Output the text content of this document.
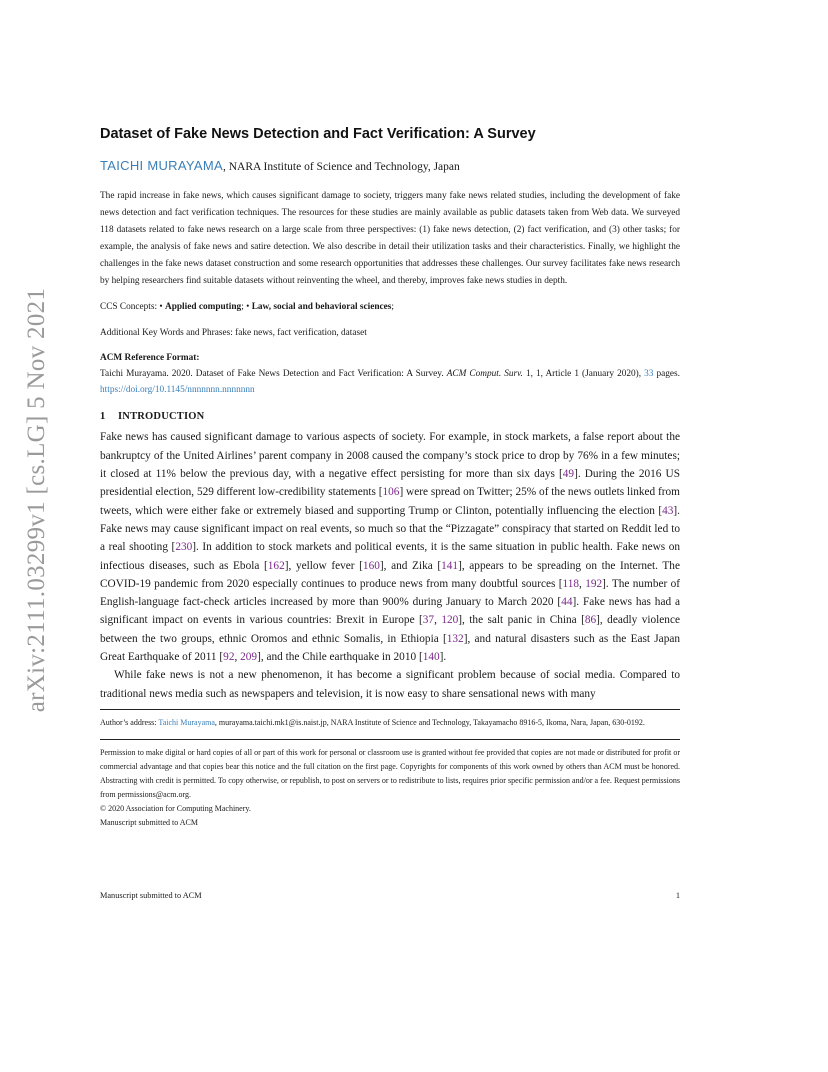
arXiv:2111.03299v1 [cs.LG] 5 Nov 2021
Dataset of Fake News Detection and Fact Verification: A Survey
TAICHI MURAYAMA, NARA Institute of Science and Technology, Japan

The rapid increase in fake news, which causes significant damage to society, triggers many fake news related studies, including the development of fake news detection and fact verification techniques. The resources for these studies are mainly available as public datasets taken from Web data. We surveyed 118 datasets related to fake news research on a large scale from three perspectives: (1) fake news detection, (2) fact verification, and (3) other tasks; for example, the analysis of fake news and satire detection. We also describe in detail their utilization tasks and their characteristics. Finally, we highlight the challenges in the fake news dataset construction and some research opportunities that addresses these challenges. Our survey facilitates fake news research by helping researchers find suitable datasets without reinventing the wheel, and thereby, improves fake news studies in depth.

CCS Concepts: • Applied computing; • Law, social and behavioral sciences;

Additional Key Words and Phrases: fake news, fact verification, dataset

ACM Reference Format:

Taichi Murayama. 2020. Dataset of Fake News Detection and Fact Verification: A Survey. ACM Comput. Surv. 1, 1, Article 1 (January 2020), 33 pages. https://doi.org/10.1145/nnnnnnn.nnnnnnn

1 INTRODUCTION

Fake news has caused significant damage to various aspects of society. For example, in stock markets, a false report about the bankruptcy of the United Airlines’ parent company in 2008 caused the company’s stock price to drop by 76% in a few minutes; it closed at 11% below the previous day, with a negative effect persisting for more than six days [49]. During the 2016 US presidential election, 529 different low-credibility statements [106] were spread on Twitter; 25% of the news outlets linked from tweets, which were either fake or extremely biased and supporting Trump or Clinton, potentially influencing the election [43]. Fake news may cause significant impact on real events, so much so that the “Pizzagate” conspiracy that started on Reddit led to a real shooting [230]. In addition to stock markets and political events, it is the same situation in public health. Fake news on infectious diseases, such as Ebola [162], yellow fever [160], and Zika [141], appears to be spreading on the Internet. The COVID-19 pandemic from 2020 especially continues to produce news from many doubtful sources [118, 192]. The number of English-language fact-check articles increased by more than 900% during January to March 2020 [44]. Fake news has had a significant impact on events in various countries: Brexit in Europe [37, 120], the salt panic in China [86], deadly violence between the two groups, ethnic Oromos and ethnic Somalis, in Ethiopia [132], and natural disasters such as the East Japan Great Earthquake of 2011 [92, 209], and the Chile earthquake in 2010 [140].

While fake news is not a new phenomenon, it has become a significant problem because of social media. Compared to traditional news media such as newspapers and television, it is now easy to share sensational news with many

Author’s address: Taichi Murayama, murayama.taichi.mk1@is.naist.jp, NARA Institute of Science and Technology, Takayamacho 8916-5, Ikoma, Nara, Japan, 630-0192.

Permission to make digital or hard copies of all or part of this work for personal or classroom use is granted without fee provided that copies are not made or distributed for profit or commercial advantage and that copies bear this notice and the full citation on the first page. Copyrights for components of this work owned by others than ACM must be honored. Abstracting with credit is permitted. To copy otherwise, or republish, to post on servers or to redistribute to lists, requires prior specific permission and/or a fee. Request permissions from permissions@acm.org.

© 2020 Association for Computing Machinery.

Manuscript submitted to ACM

Manuscript submitted to ACM	1
